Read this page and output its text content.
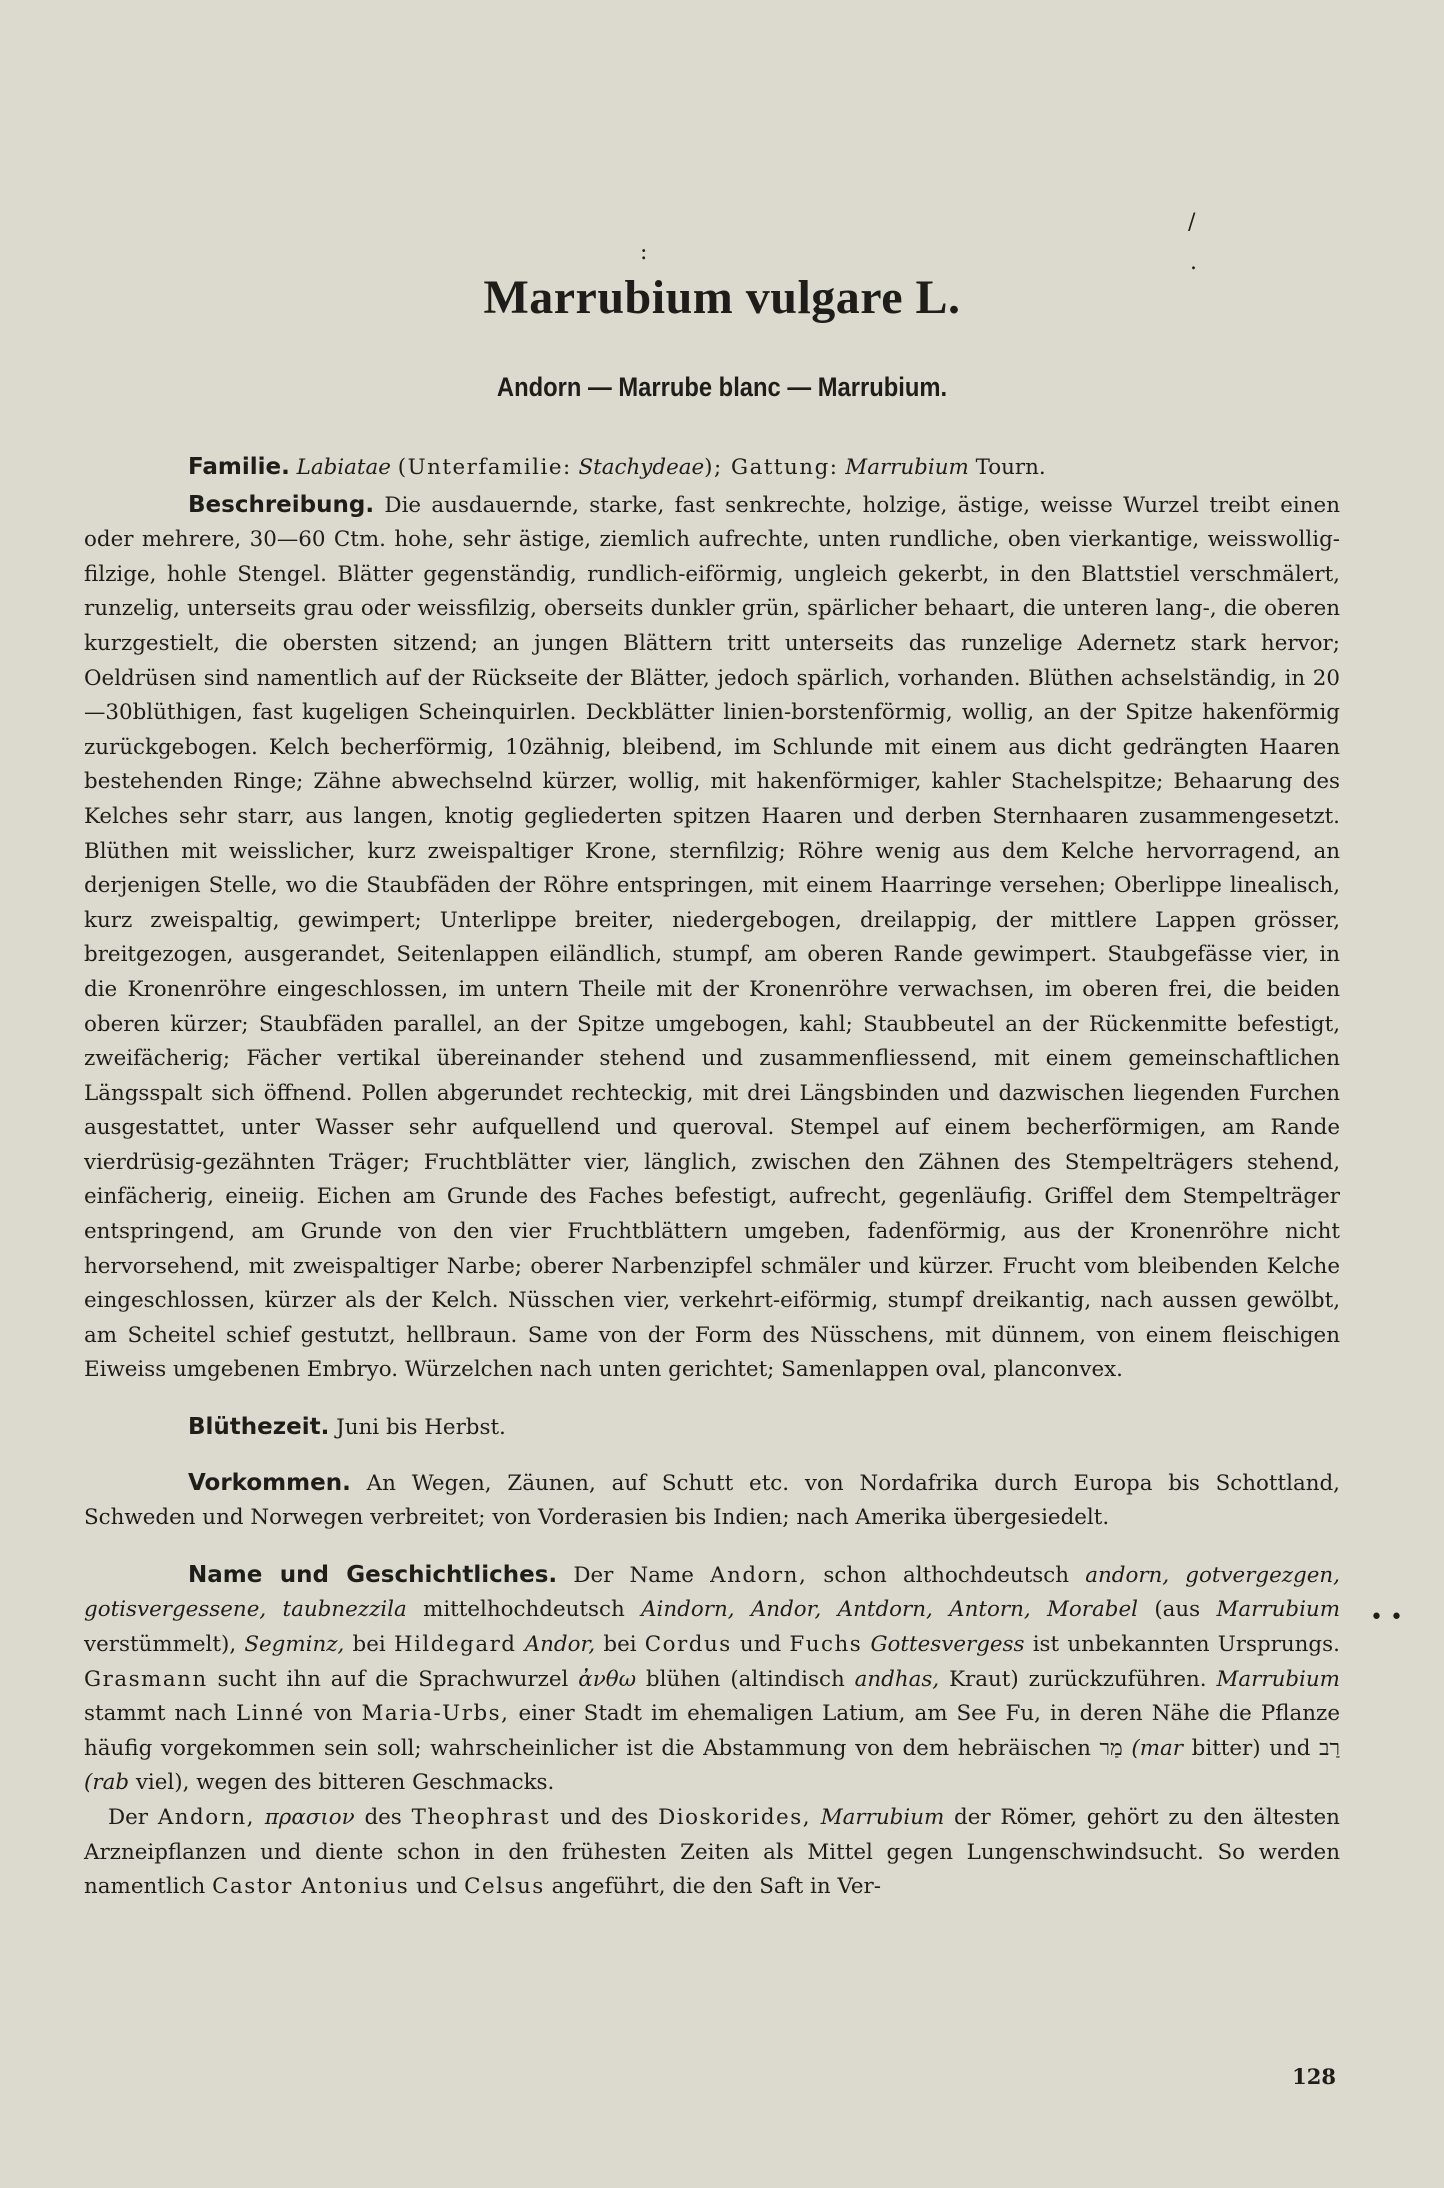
/
.
:
• •
Marrubium vulgare L.
Andorn — Marrube blanc — Marrubium.

Familie. Labiatae (Unterfamilie: Stachydeae); Gattung: Marrubium Tourn.

Beschreibung. Die ausdauernde, starke, fast senkrechte, holzige, ästige, weisse Wurzel treibt einen oder mehrere, 30—60 Ctm. hohe, sehr ästige, ziemlich aufrechte, unten rundliche, oben vierkantige, weisswollig-filzige, hohle Stengel. Blätter gegenständig, rundlich-eiförmig, ungleich gekerbt, in den Blattstiel verschmälert, runzelig, unterseits grau oder weissfilzig, oberseits dunkler grün, spärlicher behaart, die unteren lang-, die oberen kurzgestielt, die obersten sitzend; an jungen Blättern tritt unterseits das runzelige Adernetz stark hervor; Oeldrüsen sind namentlich auf der Rückseite der Blätter, jedoch spärlich, vorhanden. Blüthen achselständig, in 20—30blüthigen, fast kugeligen Scheinquirlen. Deckblätter linien-borstenförmig, wollig, an der Spitze hakenförmig zurückgebogen. Kelch becherförmig, 10zähnig, bleibend, im Schlunde mit einem aus dicht gedrängten Haaren bestehenden Ringe; Zähne abwechselnd kürzer, wollig, mit hakenförmiger, kahler Stachelspitze; Behaarung des Kelches sehr starr, aus langen, knotig gegliederten spitzen Haaren und derben Sternhaaren zusammengesetzt. Blüthen mit weisslicher, kurz zweispaltiger Krone, sternfilzig; Röhre wenig aus dem Kelche hervorragend, an derjenigen Stelle, wo die Staubfäden der Röhre entspringen, mit einem Haarringe versehen; Oberlippe linealisch, kurz zweispaltig, gewimpert; Unterlippe breiter, niedergebogen, dreilappig, der mittlere Lappen grösser, breitgezogen, ausgerandet, Seitenlappen eiländlich, stumpf, am oberen Rande gewimpert. Staubgefässe vier, in die Kronenröhre eingeschlossen, im untern Theile mit der Kronenröhre verwachsen, im oberen frei, die beiden oberen kürzer; Staubfäden parallel, an der Spitze umgebogen, kahl; Staubbeutel an der Rückenmitte befestigt, zweifächerig; Fächer vertikal übereinander stehend und zusammenfliessend, mit einem gemeinschaftlichen Längsspalt sich öffnend. Pollen abgerundet rechteckig, mit drei Längsbinden und dazwischen liegenden Furchen ausgestattet, unter Wasser sehr aufquellend und queroval. Stempel auf einem becherförmigen, am Rande vierdrüsig-gezähnten Träger; Fruchtblätter vier, länglich, zwischen den Zähnen des Stempelträgers stehend, einfächerig, eineiig. Eichen am Grunde des Faches befestigt, aufrecht, gegenläufig. Griffel dem Stempelträger entspringend, am Grunde von den vier Fruchtblättern umgeben, fadenförmig, aus der Kronenröhre nicht hervorsehend, mit zweispaltiger Narbe; oberer Narbenzipfel schmäler und kürzer. Frucht vom bleibenden Kelche eingeschlossen, kürzer als der Kelch. Nüsschen vier, verkehrt-eiförmig, stumpf dreikantig, nach aussen gewölbt, am Scheitel schief gestutzt, hellbraun. Same von der Form des Nüsschens, mit dünnem, von einem fleischigen Eiweiss umgebenen Embryo. Würzelchen nach unten gerichtet; Samenlappen oval, planconvex.

Blüthezeit. Juni bis Herbst.

Vorkommen. An Wegen, Zäunen, auf Schutt etc. von Nordafrika durch Europa bis Schottland, Schweden und Norwegen verbreitet; von Vorderasien bis Indien; nach Amerika übergesiedelt.

Name und Geschichtliches. Der Name Andorn, schon althochdeutsch andorn, gotvergezgen, gotisvergessene, taubnezzila mittelhochdeutsch Aindorn, Andor, Antdorn, Antorn, Morabel (aus Marrubium verstümmelt), Segminz, bei Hildegard Andor, bei Cordus und Fuchs Gottesvergess ist unbekannten Ursprungs. Grasmann sucht ihn auf die Sprachwurzel ἀνθω blühen (altindisch andhas, Kraut) zurückzuführen. Marrubium stammt nach Linné von Maria-Urbs, einer Stadt im ehemaligen Latium, am See Fu, in deren Nähe die Pflanze häufig vorgekommen sein soll; wahrscheinlicher ist die Abstammung von dem hebräischen מַר (mar bitter) und רַב (rab viel), wegen des bitteren Geschmacks.

Der Andorn, πρασιον des Theophrast und des Dioskorides, Marrubium der Römer, gehört zu den ältesten Arzneipflanzen und diente schon in den frühesten Zeiten als Mittel gegen Lungenschwindsucht. So werden namentlich Castor Antonius und Celsus angeführt, die den Saft in Ver-

128
